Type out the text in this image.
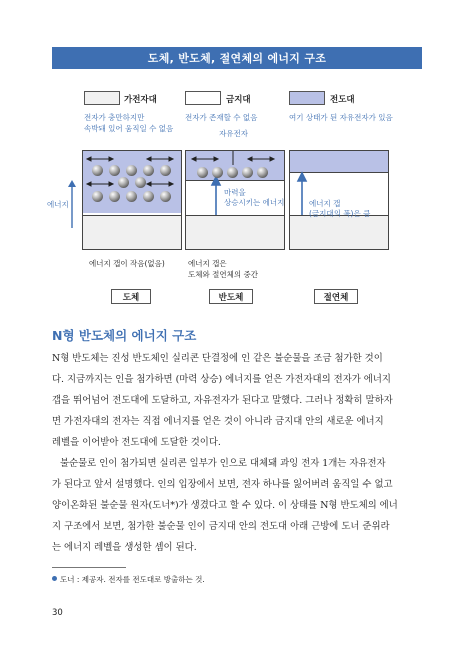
도체, 반도체, 절연체의 에너지 구조
가전자대
전자가 충만하지만
속박돼 있어 움직일 수 없음
금지대
전자가 존재할 수 없음
전도대
여기 상태가 된 자유전자가 있음
에너지
마력을
상승시키는 에너지
자유전자
에너지 갭
(금지대의 폭)은 큼
에너지 갭이 작음(없음)	에너지 갭은
도체와 절연체의 중간
도체	반도체	절연체
N형 반도체의 에너지 구조
N형 반도체는 진성 반도체인 실리콘 단결정에 인 같은 불순물을 조금 첨가한 것이
다. 지금까지는 인을 첨가하면 (마력 상승) 에너지를 얻은 가전자대의 전자가 에너지
갭을 뛰어넘어 전도대에 도달하고, 자유전자가 된다고 말했다. 그러나 정확히 말하자
면 가전자대의 전자는 직접 에너지를 얻은 것이 아니라 금지대 안의 새로운 에너지
레벨을 이어받아 전도대에 도달한 것이다.
불순물로 인이 첨가되면 실리콘 일부가 인으로 대체돼 과잉 전자 1개는 자유전자
가 된다고 앞서 설명했다. 인의 입장에서 보면, 전자 하나를 잃어버려 움직일 수 없고
양이온화된 불순물 원자(도너*)가 생겼다고 할 수 있다. 이 상태를 N형 반도체의 에너
지 구조에서 보면, 첨가한 불순물 인이 금지대 안의 전도대 아래 근방에 도너 준위라
는 에너지 레벨을 생성한 셈이 된다.
도너 : 제공자. 전자를 전도대로 방출하는 것.
30
